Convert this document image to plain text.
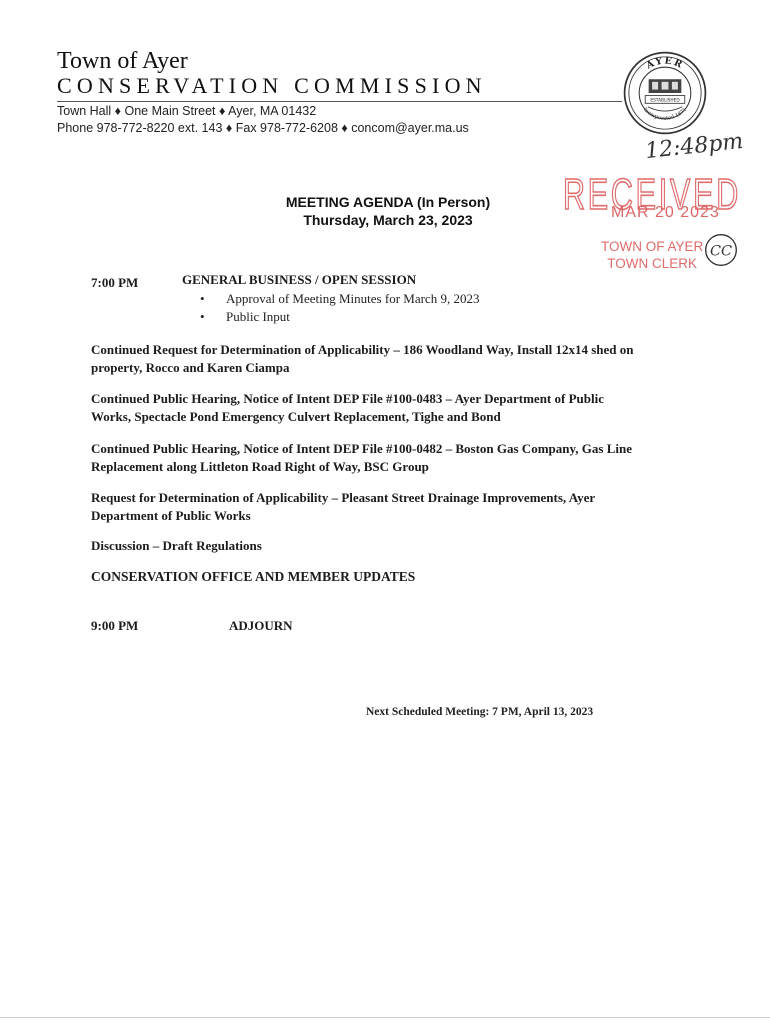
Town of Ayer
CONSERVATION COMMISSION
Town Hall ♦ One Main Street ♦ Ayer, MA 01432
Phone 978-772-8220 ext. 143 ♦ Fax 978-772-6208 ♦ concom@ayer.ma.us
AYER
Incorporated 1871
ESTABLISHED
12:48pm
RECEIVED
MAR 20 2023
TOWN OF AYER
TOWN CLERK
CC
MEETING AGENDA (In Person)
Thursday, March 23, 2023
7:00 PM	GENERAL BUSINESS / OPEN SESSION
• Approval of Meeting Minutes for March 9, 2023
• Public Input
Continued Request for Determination of Applicability – 186 Woodland Way, Install 12x14 shed on
property, Rocco and Karen Ciampa
Continued Public Hearing, Notice of Intent DEP File #100-0483 – Ayer Department of Public
Works, Spectacle Pond Emergency Culvert Replacement, Tighe and Bond
Continued Public Hearing, Notice of Intent DEP File #100-0482 – Boston Gas Company, Gas Line
Replacement along Littleton Road Right of Way, BSC Group
Request for Determination of Applicability – Pleasant Street Drainage Improvements, Ayer
Department of Public Works
Discussion – Draft Regulations
CONSERVATION OFFICE AND MEMBER UPDATES
9:00 PM	ADJOURN
Next Scheduled Meeting: 7 PM, April 13, 2023
